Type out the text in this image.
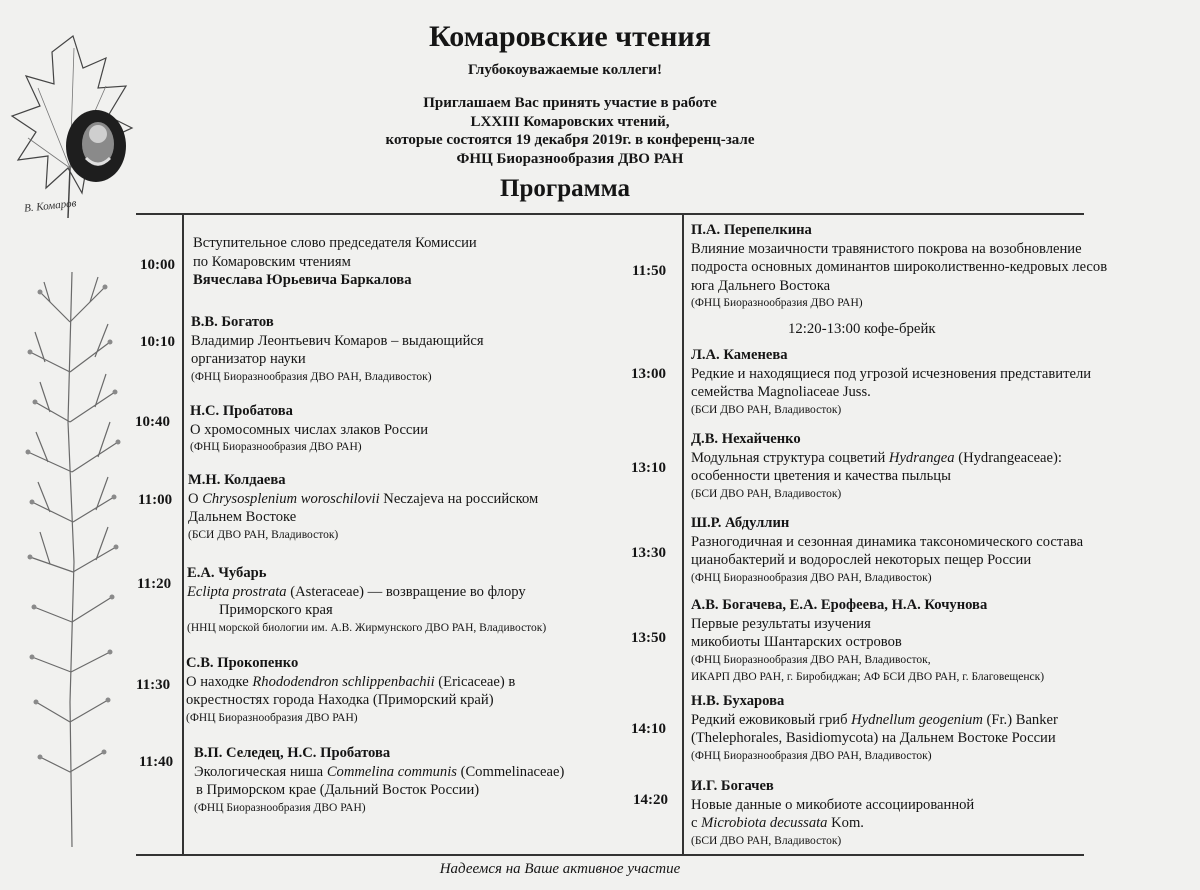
В. Комаров
Комаровские чтения
Глубокоуважаемые коллеги!
Приглашаем Вас принять участие в работе
LXXIII Комаровских чтений,
которые состоятся 19 декабря 2019г. в конференц-зале
ФНЦ Биоразнообразия ДВО РАН
Программа
10:00
Вступительное слово председателя Комиссии
по Комаровским чтениям
Вячеслава Юрьевича Баркалова
10:10
В.В. Богатов
Владимир Леонтьевич Комаров – выдающийся
организатор науки
(ФНЦ Биоразнообразия ДВО РАН, Владивосток)
10:40
Н.С. Пробатова
О хромосомных числах злаков России
(ФНЦ Биоразнообразия ДВО РАН)
11:00
М.Н. Колдаева
О Chrysosplenium woroschilovii Neczajeva на российском
Дальнем Востоке
(БСИ ДВО РАН, Владивосток)
11:20
Е.А. Чубарь
Eclipta prostrata (Asteraceae) — возвращение во флору
Приморского края
(ННЦ морской биологии им. А.В. Жирмунского ДВО РАН, Владивосток)
11:30
С.В. Прокопенко
О находке Rhododendron schlippenbachii (Ericaceae) в
окрестностях города Находка (Приморский край)
(ФНЦ Биоразнообразия ДВО РАН)
11:40
В.П. Селедец, Н.С. Пробатова
Экологическая ниша Commelina communis (Commelinaceae)
в Приморском крае (Дальний Восток России)
(ФНЦ Биоразнообразия ДВО РАН)
11:50
П.А. Перепелкина
Влияние мозаичности травянистого покрова на возобновление
подроста основных доминантов широколиственно-кедровых лесов
юга Дальнего Востока
(ФНЦ Биоразнообразия ДВО РАН)
12:20-13:00 кофе-брейк
13:00
Л.А. Каменева
Редкие и находящиеся под угрозой исчезновения представители
семейства Magnoliaceae Juss.
(БСИ ДВО РАН, Владивосток)
13:10
Д.В. Нехайченко
Модульная структура соцветий Hydrangea (Hydrangeaceae):
особенности цветения и качества пыльцы
(БСИ ДВО РАН, Владивосток)
13:30
Ш.Р. Абдуллин
Разногодичная и сезонная динамика таксономического состава
цианобактерий и водорослей некоторых пещер России
(ФНЦ Биоразнообразия ДВО РАН, Владивосток)
13:50
А.В. Богачева, Е.А. Ерофеева, Н.А. Кочунова
Первые результаты изучения
микобиоты Шантарских островов
(ФНЦ Биоразнообразия ДВО РАН, Владивосток,
ИКАРП ДВО РАН, г. Биробиджан; АФ БСИ ДВО РАН, г. Благовещенск)
14:10
Н.В. Бухарова
Редкий ежовиковый гриб Hydnellum geogenium (Fr.) Banker
(Thelephorales, Basidiomycota) на Дальнем Востоке России
(ФНЦ Биоразнообразия ДВО РАН, Владивосток)
14:20
И.Г. Богачев
Новые данные о микобиоте ассоциированной
с Microbiota decussata Kom.
(БСИ ДВО РАН, Владивосток)
Надеемся на Ваше активное участие
